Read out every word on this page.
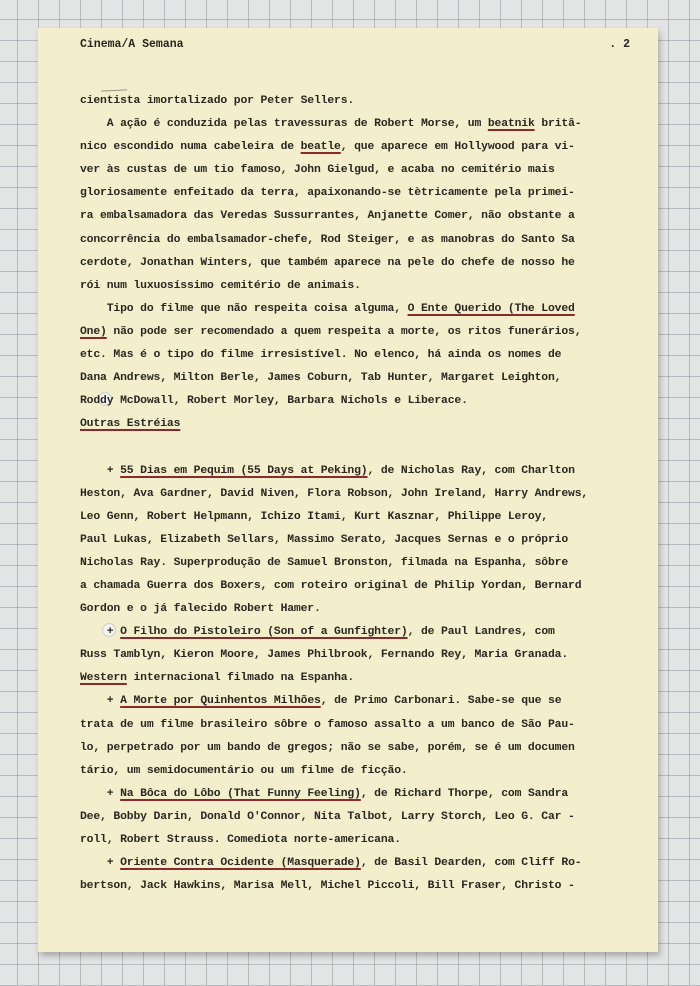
Cinema/A Semana	. 2
cientista imortalizado por Peter Sellers.
A ação é conduzida pelas travessuras de Robert Morse, um beatnik britâ-
nico escondido numa cabeleira de beatle, que aparece em Hollywood para vi-
ver às custas de um tio famoso, John Gielgud, e acaba no cemitério mais
gloriosamente enfeitado da terra, apaixonando-se tètricamente pela primei-
ra embalsamadora das Veredas Sussurrantes, Anjanette Comer, não obstante a
concorrência do embalsamador-chefe, Rod Steiger, e as manobras do Santo Sa
cerdote, Jonathan Winters, que também aparece na pele do chefe de nosso he
rói num luxuosíssimo cemitério de animais.
Tipo do filme que não respeita coisa alguma, O Ente Querido (The Loved
One) não pode ser recomendado a quem respeita a morte, os ritos funerários,
etc. Mas é o tipo do filme irresistível. No elenco, há ainda os nomes de
Dana Andrews, Milton Berle, James Coburn, Tab Hunter, Margaret Leighton,
Roddy McDowall, Robert Morley, Barbara Nichols e Liberace.
Outras Estréias

+ 55 Dias em Pequim (55 Days at Peking), de Nicholas Ray, com Charlton
Heston, Ava Gardner, David Niven, Flora Robson, John Ireland, Harry Andrews,
Leo Genn, Robert Helpmann, Ichizo Itami, Kurt Kasznar, Philippe Leroy,
Paul Lukas, Elizabeth Sellars, Massimo Serato, Jacques Sernas e o próprio
Nicholas Ray. Superprodução de Samuel Bronston, filmada na Espanha, sôbre
a chamada Guerra dos Boxers, com roteiro original de Philip Yordan, Bernard
Gordon e o já falecido Robert Hamer.
+ O Filho do Pistoleiro (Son of a Gunfighter), de Paul Landres, com
Russ Tamblyn, Kieron Moore, James Philbrook, Fernando Rey, Maria Granada.
Western internacional filmado na Espanha.
+ A Morte por Quinhentos Milhões, de Primo Carbonari. Sabe-se que se
trata de um filme brasileiro sôbre o famoso assalto a um banco de São Pau-
lo, perpetrado por um bando de gregos; não se sabe, porém, se é um documen
tário, um semidocumentário ou um filme de ficção.
+ Na Bôca do Lôbo (That Funny Feeling), de Richard Thorpe, com Sandra
Dee, Bobby Darin, Donald O'Connor, Nita Talbot, Larry Storch, Leo G. Car -
roll, Robert Strauss. Comediota norte-americana.
+ Oriente Contra Ocidente (Masquerade), de Basil Dearden, com Cliff Ro-
bertson, Jack Hawkins, Marisa Mell, Michel Piccoli, Bill Fraser, Christo -
